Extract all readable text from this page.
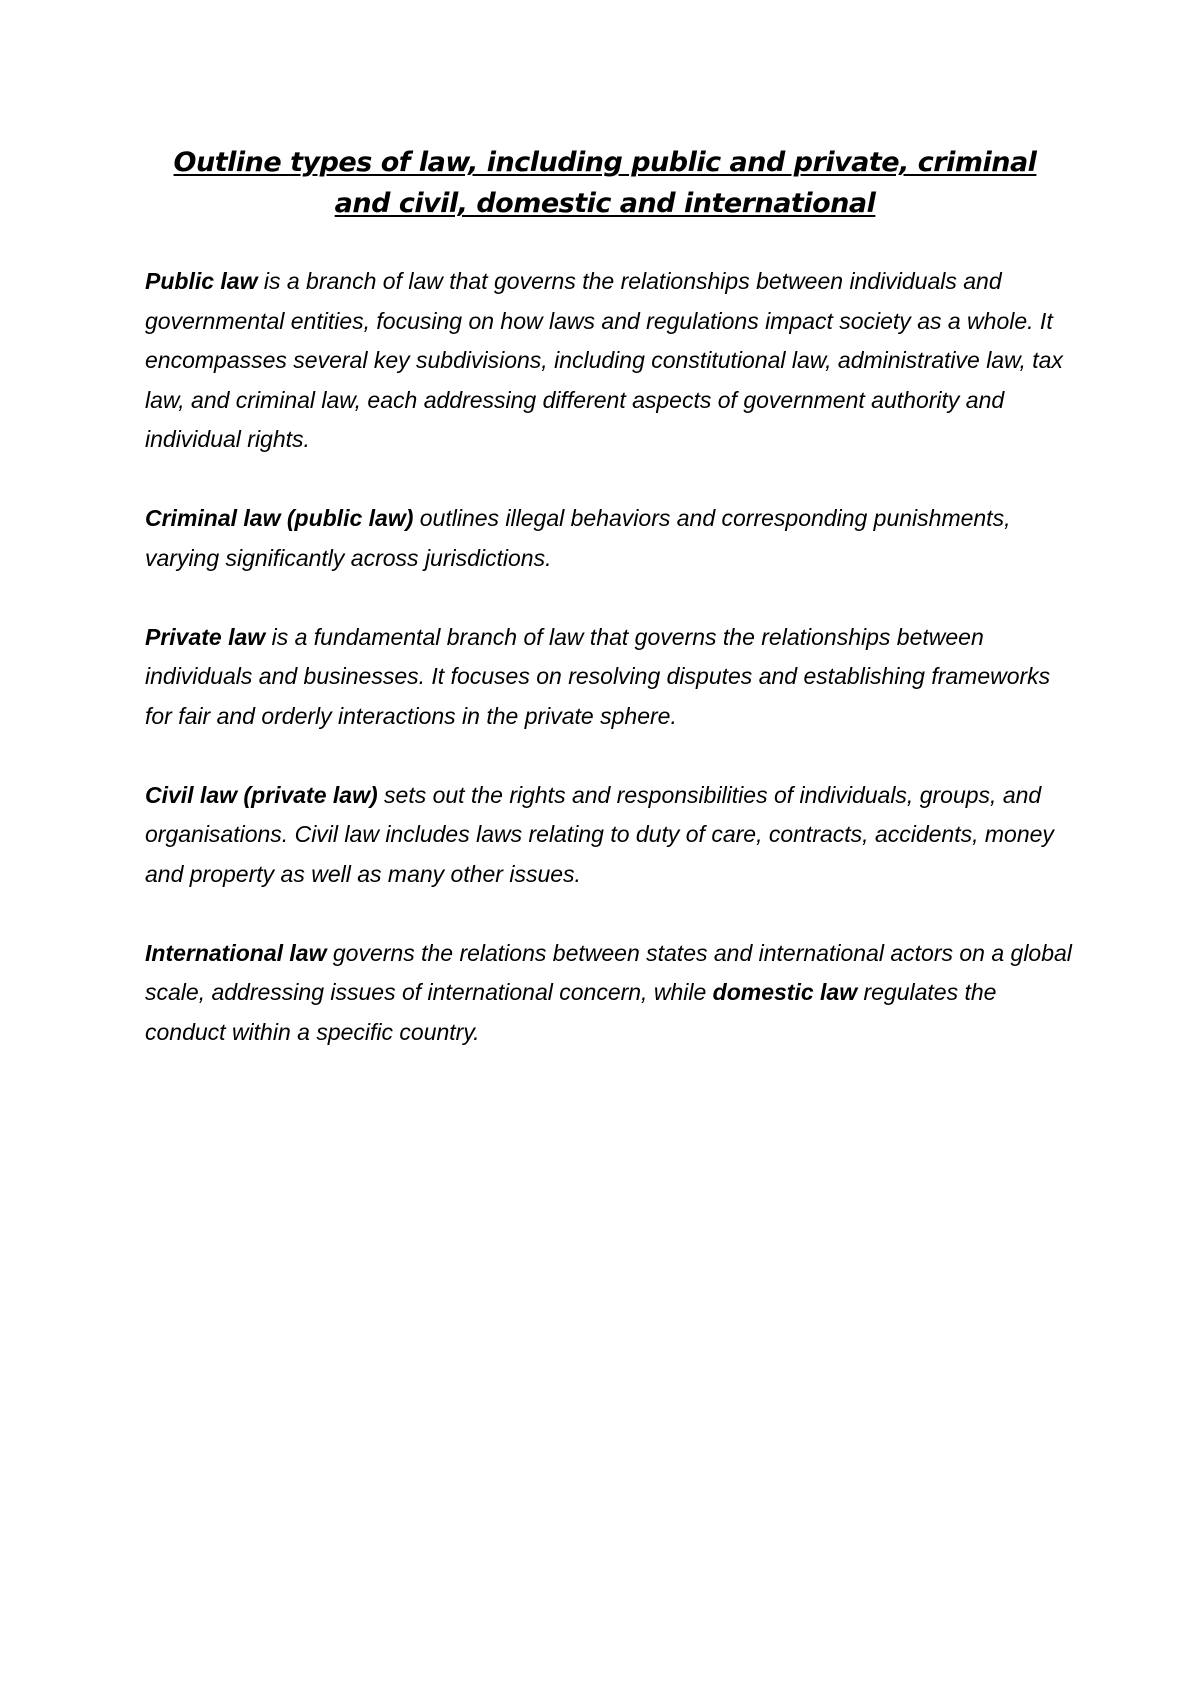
Outline types of law, including public and private, criminal and civil, domestic and international

Public law is a branch of law that governs the relationships between individuals and governmental entities, focusing on how laws and regulations impact society as a whole. It encompasses several key subdivisions, including constitutional law, administrative law, tax law, and criminal law, each addressing different aspects of government authority and individual rights.

Criminal law (public law) outlines illegal behaviors and corresponding punishments, varying significantly across jurisdictions.

Private law is a fundamental branch of law that governs the relationships between individuals and businesses. It focuses on resolving disputes and establishing frameworks for fair and orderly interactions in the private sphere.

Civil law (private law) sets out the rights and responsibilities of individuals, groups, and organisations. Civil law includes laws relating to duty of care, contracts, accidents, money and property as well as many other issues.

International law governs the relations between states and international actors on a global scale, addressing issues of international concern, while domestic law regulates the conduct within a specific country.
